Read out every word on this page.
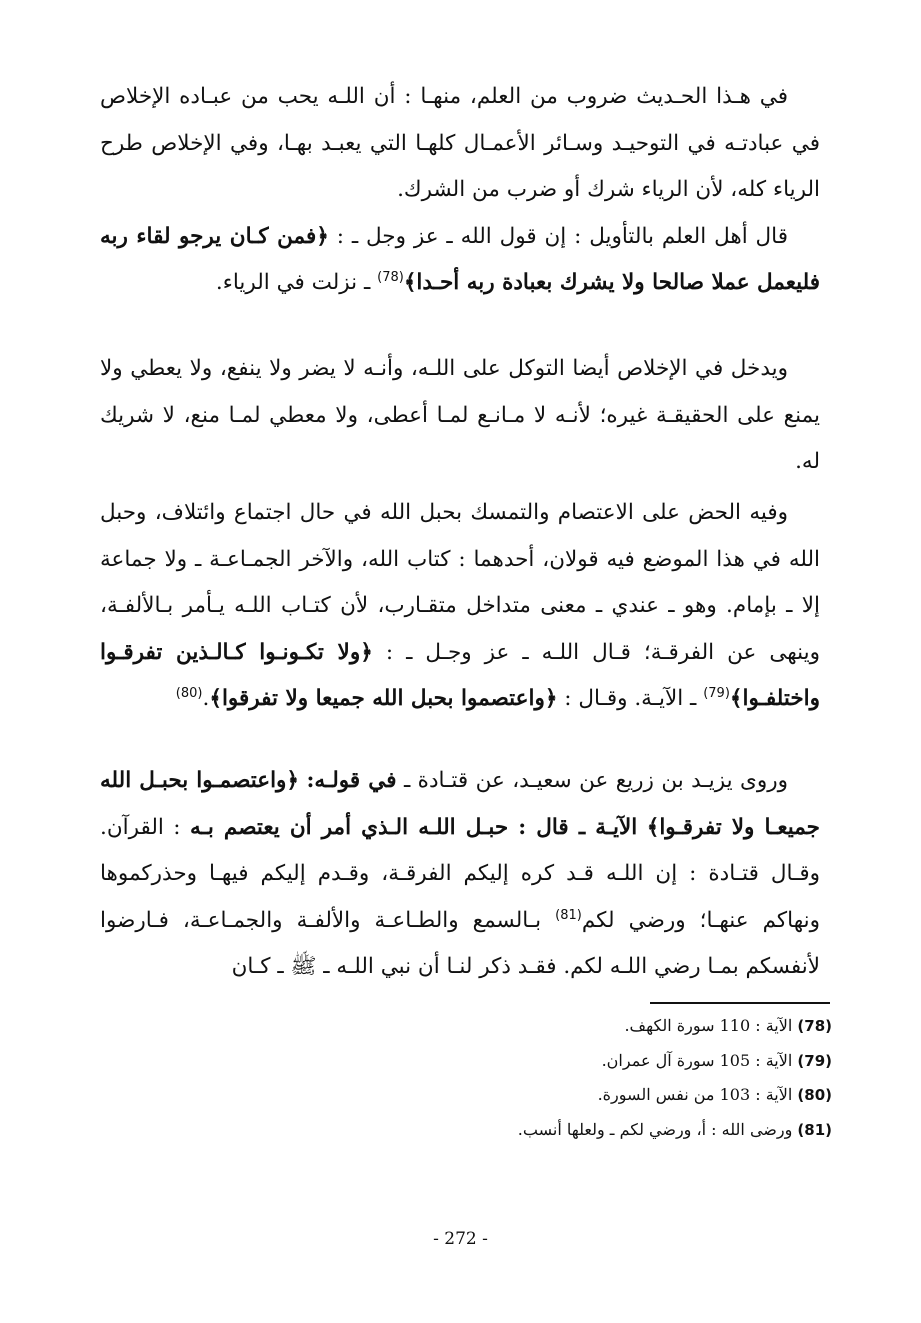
في هـذا الحـديث ضروب من العلم، منهـا : أن اللـه يحب من عبـاده الإخلاص في عبادتـه في التوحيـد وسـائر الأعمـال كلهـا التي يعبـد بهـا، وفي الإخلاص طرح الرياء كله، لأن الرياء شرك أو ضرب من الشرك.

قال أهل العلم بالتأويل : إن قول الله ـ عز وجل ـ : ﴿فمن كـان يرجو لقاء ربه فليعمل عملا صالحا ولا يشرك بعبادة ربه أحـدا﴾$^{(78)}$ ـ نزلت في الرياء.

ويدخل في الإخلاص أيضا التوكل على اللـه، وأنـه لا يضر ولا ينفع، ولا يعطي ولا يمنع على الحقيقـة غيره؛ لأنـه لا مـانـع لمـا أعطى، ولا معطي لمـا منع، لا شريك له.

وفيه الحض على الاعتصام والتمسك بحبل الله في حال اجتماع وائتلاف، وحبل الله في هذا الموضع فيه قولان، أحدهما : كتاب الله، والآخر الجمـاعـة ـ ولا جماعة إلا ـ بإمام. وهو ـ عندي ـ معنى متداخل متقـارب، لأن كتـاب اللـه يـأمر بـالألفـة، وينهى عن الفرقـة؛ قـال اللـه ـ عز وجـل ـ : ﴿ولا تكـونـوا كـالـذين تفرقـوا واختلفـوا﴾$^{(79)}$ ـ الآيـة. وقـال : ﴿واعتصموا بحبل الله جميعا ولا تفرقوا﴾.$^{(80)}$

وروى يزيـد بن زريع عن سعيـد، عن قتـادة ـ في قولـه: ﴿واعتصمـوا بحبـل الله جميعـا ولا تفرقـوا﴾ الآيـة ـ قال : حبـل اللـه الـذي أمر أن يعتصم بـه : القرآن. وقـال قتـادة : إن اللـه قـد كره إليكم الفرقـة، وقـدم إليكم فيهـا وحذركموها ونهاكم عنهـا؛ ورضي لكم$^{(81)}$ بـالسمع والطـاعـة والألفـة والجمـاعـة، فـارضوا لأنفسكم بمـا رضي اللـه لكم. فقـد ذكر لنـا أن نبي اللـه ـ ﷺ ـ كـان

(78) الآية : 110 سورة الكهف.
(79) الآية : 105 سورة آل عمران.
(80) الآية : 103 من نفس السورة.
(81) ورضى الله : أ، ورضي لكم ـ ولعلها أنسب.
- 272 -
